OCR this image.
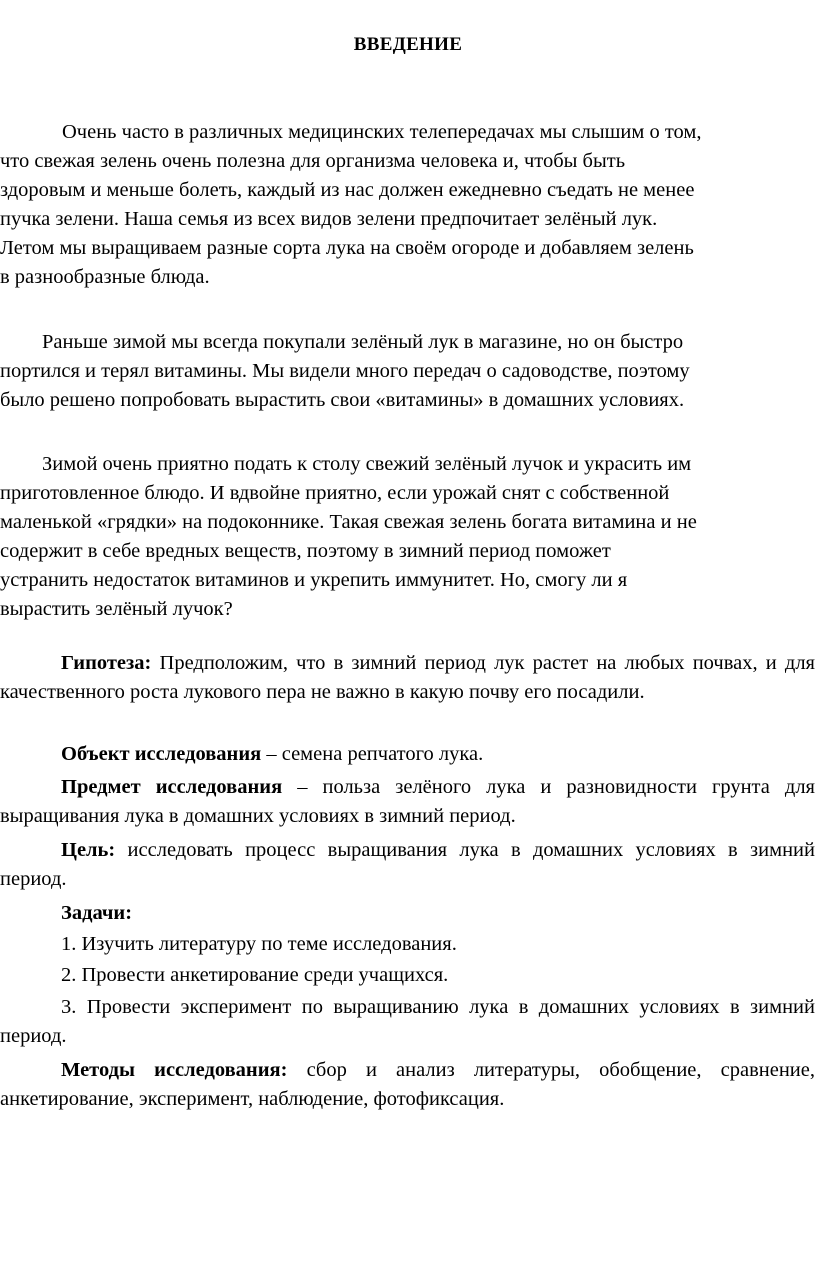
ВВЕДЕНИЕ
Очень часто в различных медицинских телепередачах мы слышим о том,
что свежая зелень очень полезна для организма человека и, чтобы быть
здоровым и меньше болеть, каждый из нас должен ежедневно съедать не менее
пучка зелени. Наша семья из всех видов зелени предпочитает зелёный лук.
Летом мы выращиваем разные сорта лука на своём огороде и добавляем зелень
в разнообразные блюда.
Раньше зимой мы всегда покупали зелёный лук в магазине, но он быстро
портился и терял витамины. Мы видели много передач о садоводстве, поэтому
было решено попробовать вырастить свои «витамины» в домашних условиях.
Зимой очень приятно подать к столу свежий зелёный лучок и украсить им
приготовленное блюдо. И вдвойне приятно, если урожай снят с собственной
маленькой «грядки» на подоконнике. Такая свежая зелень богата витамина и не
содержит в себе вредных веществ, поэтому в зимний период поможет
устранить недостаток витаминов и укрепить иммунитет. Но, смогу ли я
вырастить зелёный лучок?
Гипотеза: Предположим, что в зимний период лук растет на любых почвах, и для качественного роста лукового пера не важно в какую почву его посадили.
Объект исследования – семена репчатого лука.
Предмет исследования – польза зелёного лука и разновидности грунта для выращивания лука в домашних условиях в зимний период.
Цель: исследовать процесс выращивания лука в домашних условиях в зимний период.
Задачи:
1. Изучить литературу по теме исследования.
2. Провести анкетирование среди учащихся.
3. Провести эксперимент по выращиванию лука в домашних условиях в зимний период.
Методы исследования: сбор и анализ литературы, обобщение, сравнение, анкетирование, эксперимент, наблюдение, фотофиксация.
